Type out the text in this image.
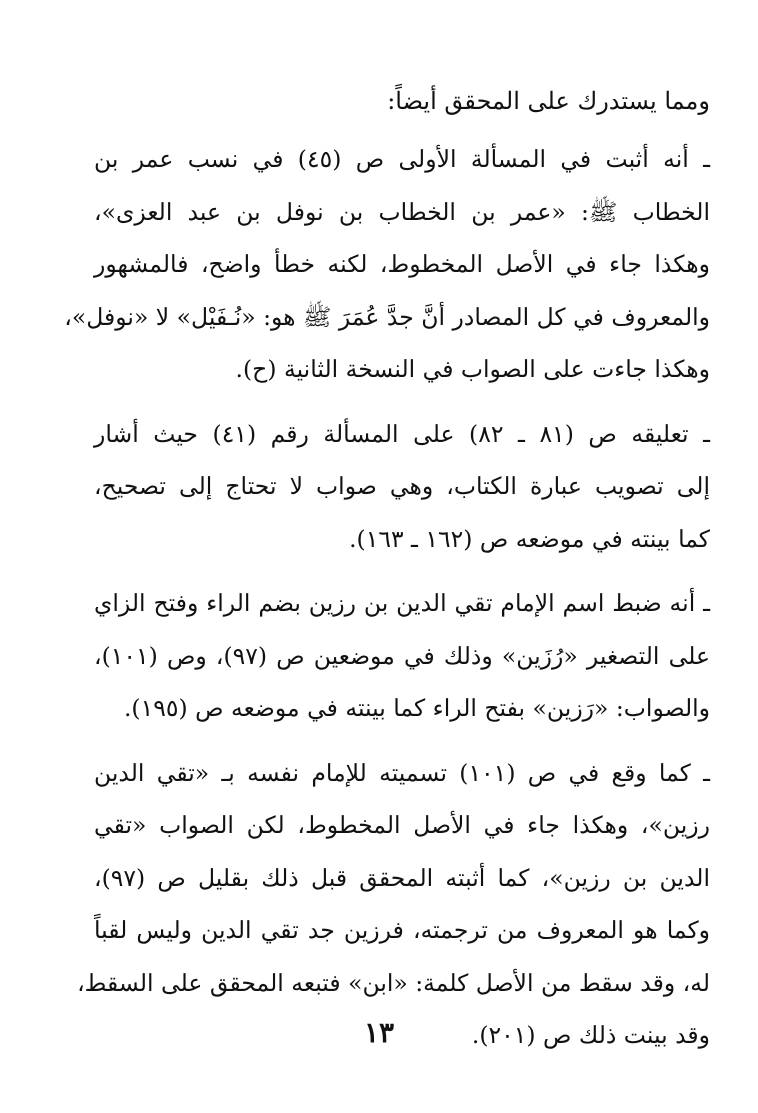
ومما يستدرك على المحقق أيضاً:
ـ أنه أثبت في المسألة الأولى ص (٤٥) في نسب عمر بن
الخطاب ﷺ: «عمر بن الخطاب بن نوفل بن عبد العزى»،
وهكذا جاء في الأصل المخطوط، لكنه خطأ واضح، فالمشهور
والمعروف في كل المصادر أنَّ جدَّ عُمَرَ ﷺ هو: «نُـفَيْل» لا «نوفل»،
وهكذا جاءت على الصواب في النسخة الثانية (ح).
ـ تعليقه ص (٨١ ـ ٨٢) على المسألة رقم (٤١) حيث أشار
إلى تصويب عبارة الكتاب، وهي صواب لا تحتاج إلى تصحيح،
كما بينته في موضعه ص (١٦٢ ـ ١٦٣).
ـ أنه ضبط اسم الإمام تقي الدين بن رزين بضم الراء وفتح الزاي
على التصغير «رُزَين» وذلك في موضعين ص (٩٧)، وص (١٠١)،
والصواب: «رَزين» بفتح الراء كما بينته في موضعه ص (١٩٥).
ـ كما وقع في ص (١٠١) تسميته للإمام نفسه بـ «تقي الدين
رزين»، وهكذا جاء في الأصل المخطوط، لكن الصواب «تقي
الدين بن رزين»، كما أثبته المحقق قبل ذلك بقليل ص (٩٧)،
وكما هو المعروف من ترجمته، فرزين جد تقي الدين وليس لقباً
له، وقد سقط من الأصل كلمة: «ابن» فتبعه المحقق على السقط،
وقد بينت ذلك ص (٢٠١).
١٣
